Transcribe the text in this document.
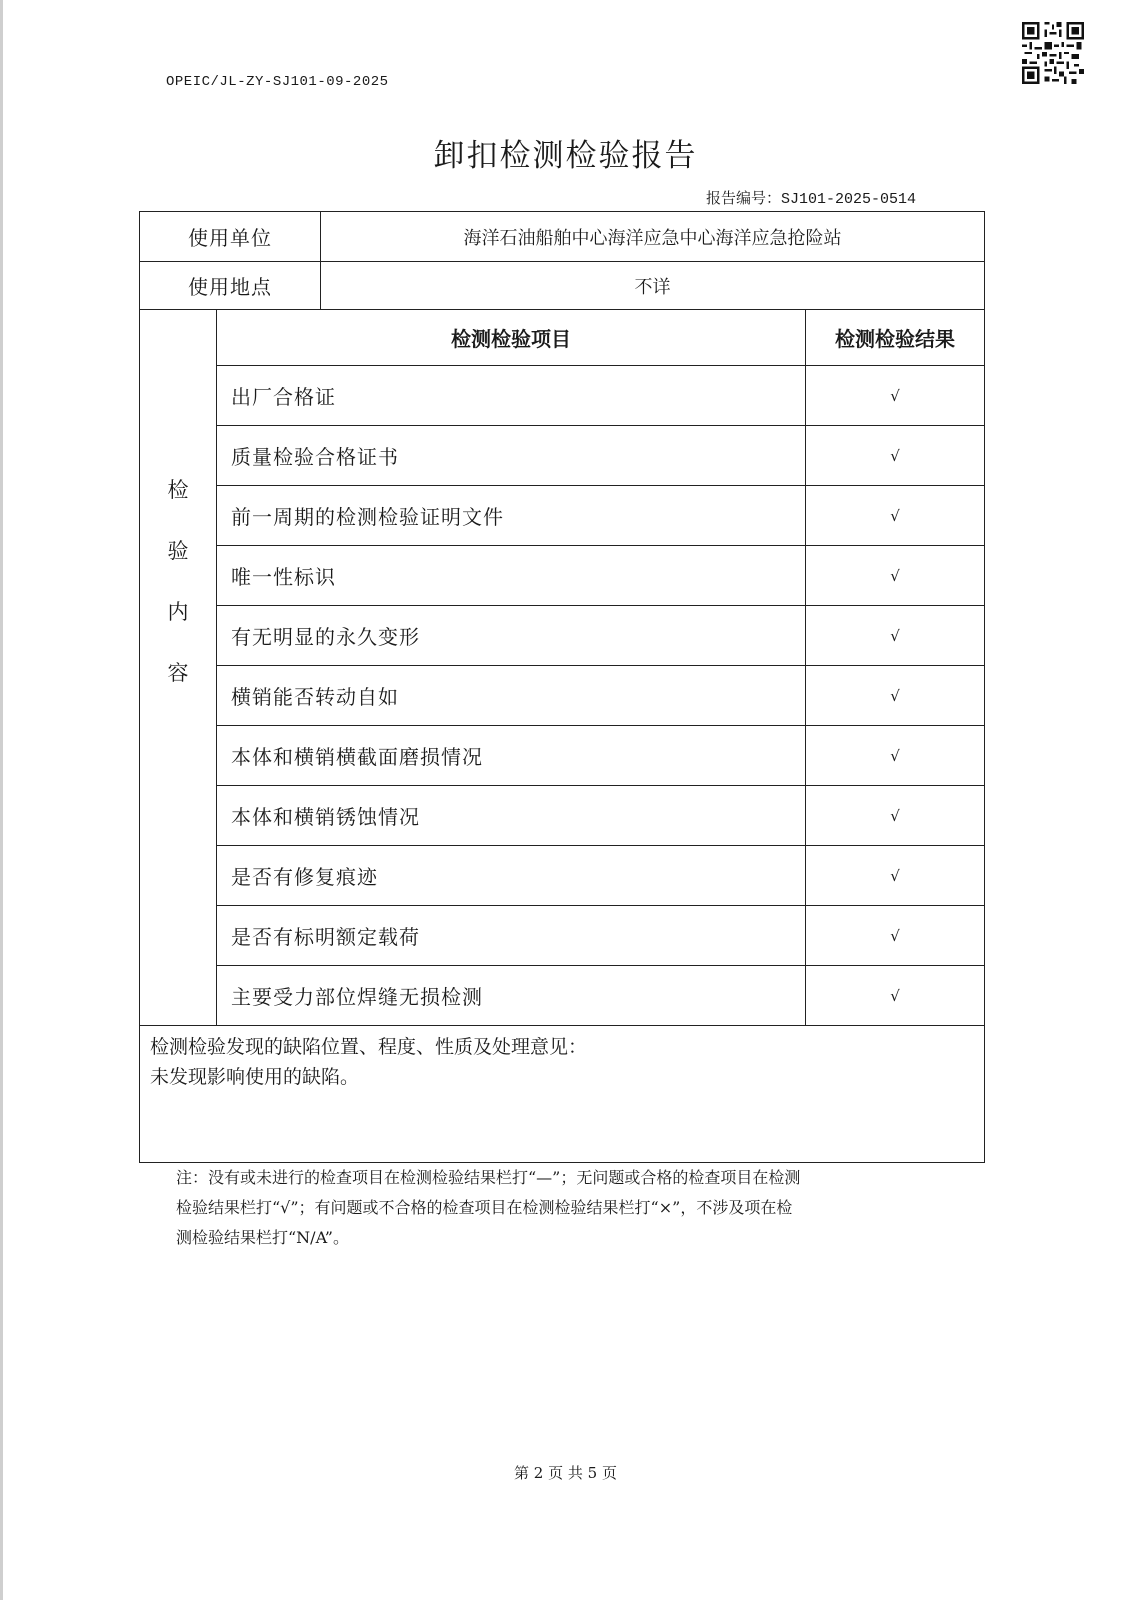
OPEIC/JL-ZY-SJ101-09-2025
卸扣检测检验报告
报告编号：SJ101-2025-0514
使用单位		海洋石油船舶中心海洋应急中心海洋应急抢险站	
使用地点		不详	

检
验
内
容	检测检验项目		检测检验结果
	出厂合格证		√
	质量检验合格证书		√
	前一周期的检测检验证明文件		√
	唯一性标识		√
	有无明显的永久变形		√
	横销能否转动自如		√
	本体和横销横截面磨损情况		√
	本体和横销锈蚀情况		√
	是否有修复痕迹		√
	是否有标明额定载荷		√
	主要受力部位焊缝无损检测		√

检测检验发现的缺陷位置、程度、性质及处理意见：
未发现影响使用的缺陷。			
注：没有或未进行的检查项目在检测检验结果栏打“—”；无问题或合格的检查项目在检测
检验结果栏打“√”；有问题或不合格的检查项目在检测检验结果栏打“×”，不涉及项在检
测检验结果栏打“N/A”。
第 2 页 共 5 页
